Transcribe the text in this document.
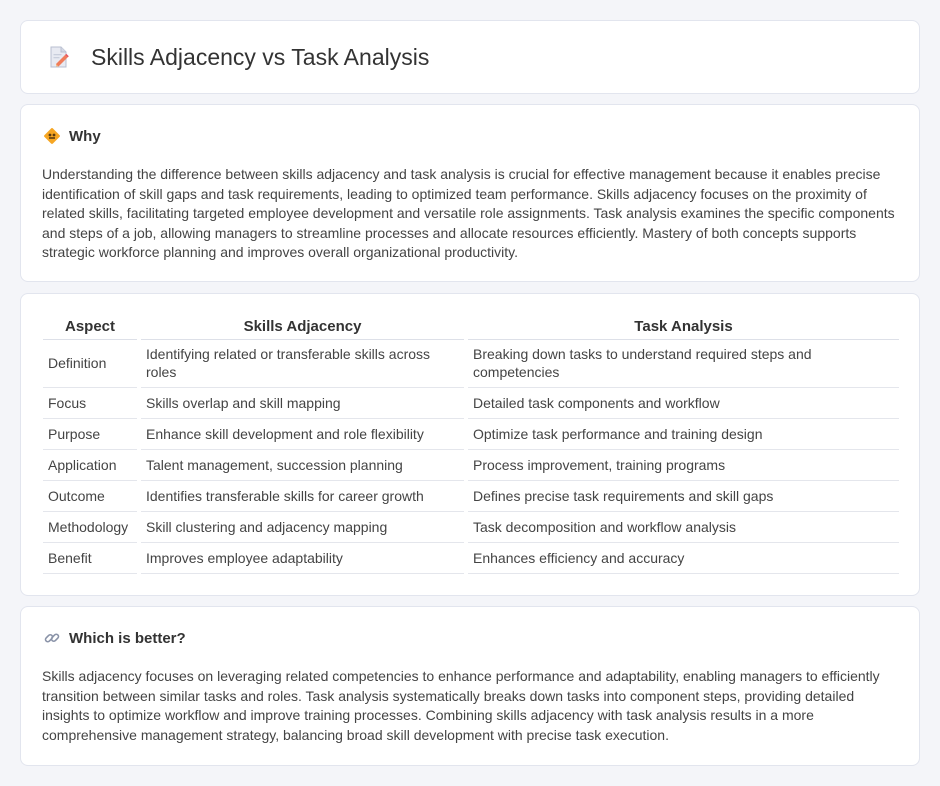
Skills Adjacency vs Task Analysis
Why

Understanding the difference between skills adjacency and task analysis is crucial for effective management because it enables precise identification of skill gaps and task requirements, leading to optimized team performance. Skills adjacency focuses on the proximity of related skills, facilitating targeted employee development and versatile role assignments. Task analysis examines the specific components and steps of a job, allowing managers to streamline processes and allocate resources efficiently. Mastery of both concepts supports strategic workforce planning and improves overall organizational productivity.

Aspect	Skills Adjacency	Task Analysis
Definition	Identifying related or transferable skills across roles	Breaking down tasks to understand required steps and competencies
Focus	Skills overlap and skill mapping	Detailed task components and workflow
Purpose	Enhance skill development and role flexibility	Optimize task performance and training design
Application	Talent management, succession planning	Process improvement, training programs
Outcome	Identifies transferable skills for career growth	Defines precise task requirements and skill gaps
Methodology	Skill clustering and adjacency mapping	Task decomposition and workflow analysis
Benefit	Improves employee adaptability	Enhances efficiency and accuracy
Which is better?

Skills adjacency focuses on leveraging related competencies to enhance performance and adaptability, enabling managers to efficiently transition between similar tasks and roles. Task analysis systematically breaks down tasks into component steps, providing detailed insights to optimize workflow and improve training processes. Combining skills adjacency with task analysis results in a more comprehensive management strategy, balancing broad skill development with precise task execution.
